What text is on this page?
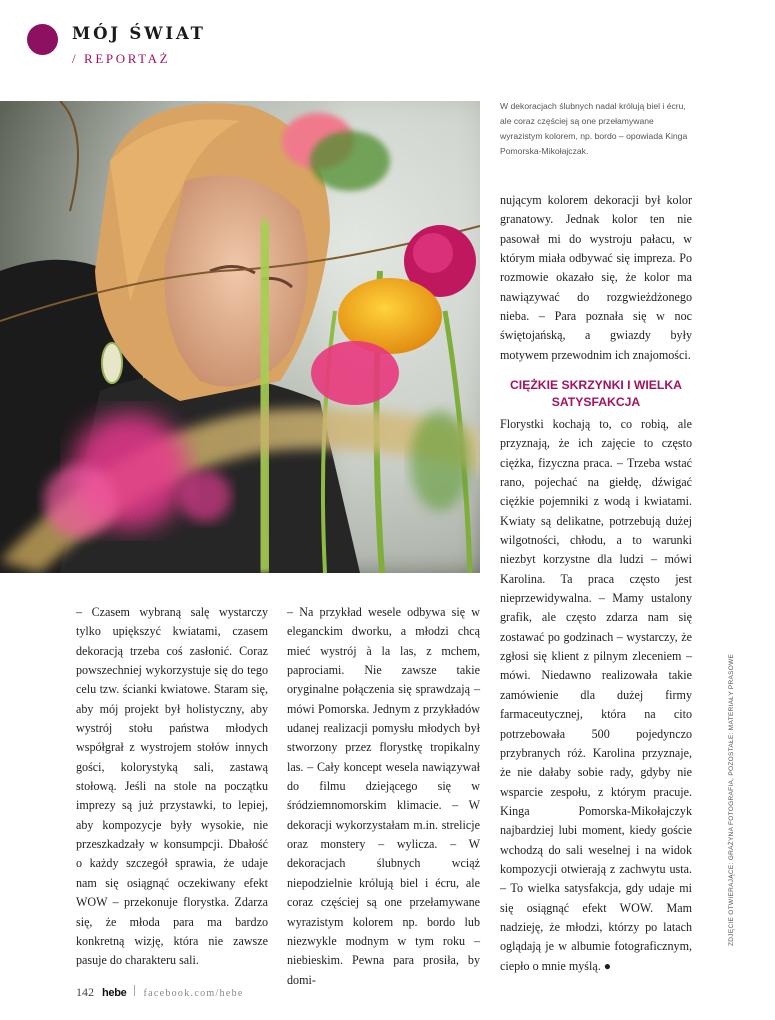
MÓJ ŚWIAT
/ REPORTAŻ
W dekoracjach ślubnych nadal królują biel i écru, ale coraz częściej są one przełamywane wyrazistym kolorem, np. bordo – opowiada Kinga Pomorska-Mikołajczak.

– Czasem wybraną salę wystarczy tylko upiększyć kwiatami, czasem dekoracją trzeba coś zasłonić. Coraz powszechniej wykorzystuje się do tego celu tzw. ścianki kwiatowe. Staram się, aby mój projekt był holistyczny, aby wystrój stołu państwa młodych współgrał z wystrojem stołów innych gości, kolorystyką sali, zastawą stołową. Jeśli na stole na początku imprezy są już przystawki, to lepiej, aby kompozycje były wysokie, nie przeszkadzały w konsumpcji. Dbałość o każdy szczegół sprawia, że udaje nam się osiągnąć oczekiwany efekt WOW – przekonuje florystka. Zdarza się, że młoda para ma bardzo konkretną wizję, która nie zawsze pasuje do charakteru sali.

– Na przykład wesele odbywa się w eleganckim dworku, a młodzi chcą mieć wystrój à la las, z mchem, paprociami. Nie zawsze takie oryginalne połączenia się sprawdzają – mówi Pomorska. Jednym z przykładów udanej realizacji pomysłu młodych był stworzony przez florystkę tropikalny las. – Cały koncept wesela nawiązywał do filmu dziejącego się w śródziemnomorskim klimacie. – W dekoracji wykorzystałam m.in. strelicje oraz monstery – wylicza. – W dekoracjach ślubnych wciąż niepodzielnie królują biel i écru, ale coraz częściej są one przełamywane wyrazistym kolorem np. bordo lub niezwykle modnym w tym roku – niebieskim. Pewna para prosiła, by domi-

nującym kolorem dekoracji był kolor granatowy. Jednak kolor ten nie pasował mi do wystroju pałacu, w którym miała odbywać się impreza. Po rozmowie okazało się, że kolor ma nawiązywać do rozgwieżdżonego nieba. – Para poznała się w noc świętojańską, a gwiazdy były motywem przewodnim ich znajomości.

CIĘŻKIE SKRZYNKI I WIELKA SATYSFAKCJA

Florystki kochają to, co robią, ale przyznają, że ich zajęcie to często ciężka, fizyczna praca. – Trzeba wstać rano, pojechać na giełdę, dźwigać ciężkie pojemniki z wodą i kwiatami. Kwiaty są delikatne, potrzebują dużej wilgotności, chłodu, a to warunki niezbyt korzystne dla ludzi – mówi Karolina. Ta praca często jest nieprzewidywalna. – Mamy ustalony grafik, ale często zdarza nam się zostawać po godzinach – wystarczy, że zgłosi się klient z pilnym zleceniem – mówi. Niedawno realizowała takie zamówienie dla dużej firmy farmaceutycznej, która na cito potrzebowała 500 pojedynczo przybranych róż. Karolina przyznaje, że nie dałaby sobie rady, gdyby nie wsparcie zespołu, z którym pracuje. Kinga Pomorska-Mikołajczyk najbardziej lubi moment, kiedy goście wchodzą do sali weselnej i na widok kompozycji otwierają z zachwytu usta. – To wielka satysfakcja, gdy udaje mi się osiągnąć efekt WOW. Mam nadzieję, że młodzi, którzy po latach oglądają je w albumie fotograficznym, ciepło o mnie myślą. ●

ZDJĘCIE OTWIERAJĄCE: GRAŻYNA FOTOGRAFIA, POZOSTAŁE: MATERIAŁY PRASOWE
142 hebe facebook.com/hebe
